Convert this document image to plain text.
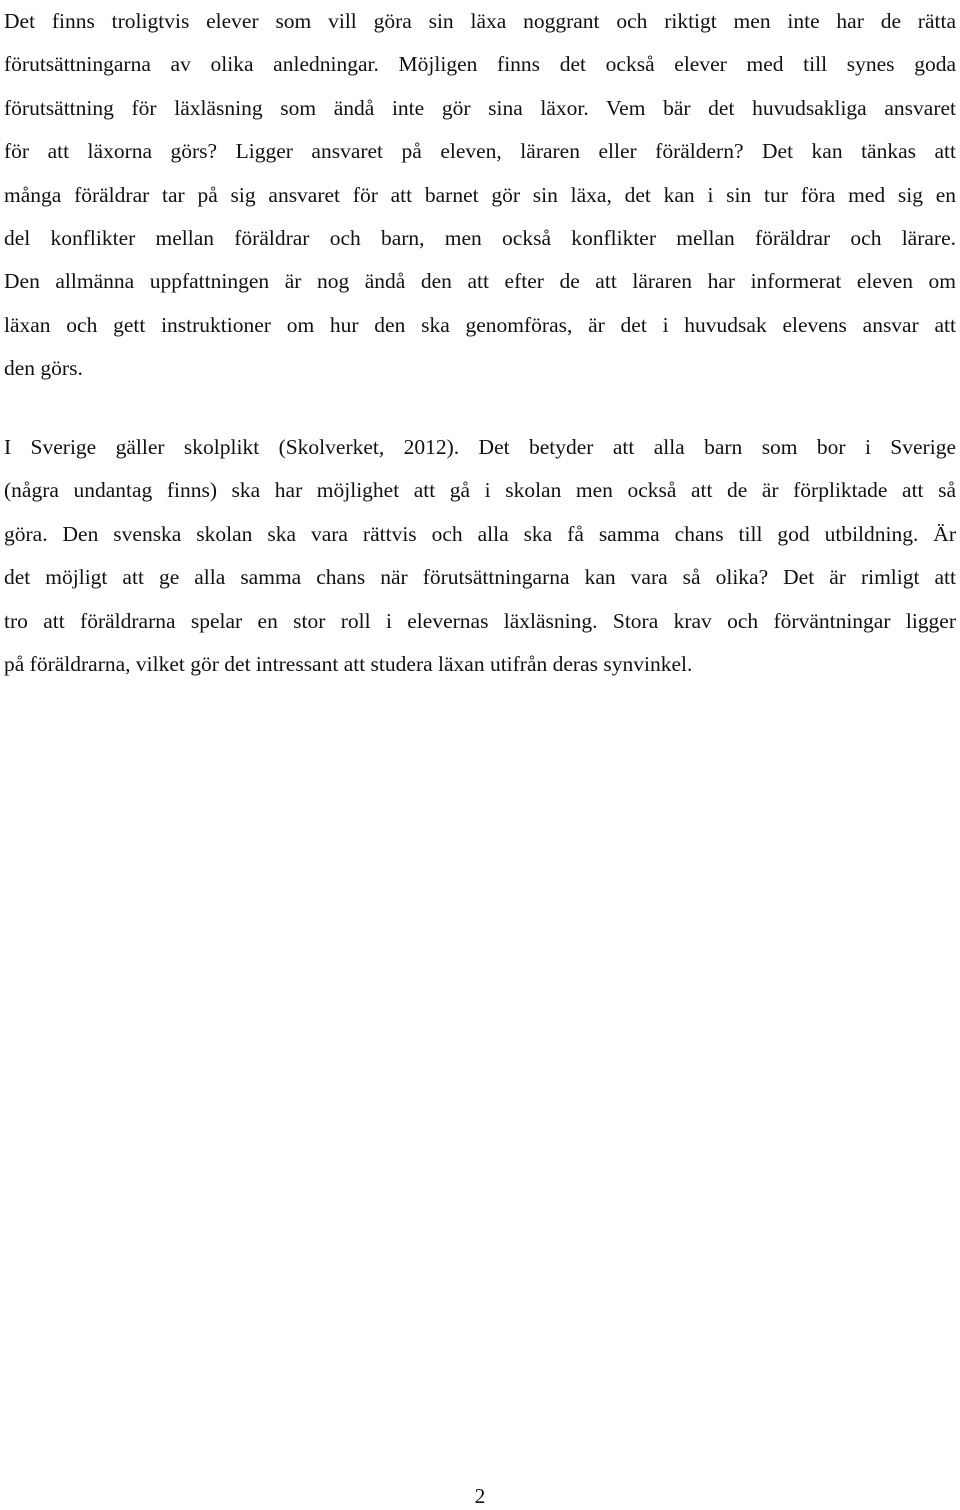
Det finns troligtvis elever som vill göra sin läxa noggrant och riktigt men inte har de rätta
förutsättningarna av olika anledningar. Möjligen finns det också elever med till synes goda
förutsättning för läxläsning som ändå inte gör sina läxor. Vem bär det huvudsakliga ansvaret
för att läxorna görs? Ligger ansvaret på eleven, läraren eller föräldern? Det kan tänkas att
många föräldrar tar på sig ansvaret för att barnet gör sin läxa, det kan i sin tur föra med sig en
del konflikter mellan föräldrar och barn, men också konflikter mellan föräldrar och lärare.
Den allmänna uppfattningen är nog ändå den att efter de att läraren har informerat eleven om
läxan och gett instruktioner om hur den ska genomföras, är det i huvudsak elevens ansvar att
den görs.
I Sverige gäller skolplikt (Skolverket, 2012). Det betyder att alla barn som bor i Sverige
(några undantag finns) ska har möjlighet att gå i skolan men också att de är förpliktade att så
göra. Den svenska skolan ska vara rättvis och alla ska få samma chans till god utbildning. Är
det möjligt att ge alla samma chans när förutsättningarna kan vara så olika? Det är rimligt att
tro att föräldrarna spelar en stor roll i elevernas läxläsning. Stora krav och förväntningar ligger
på föräldrarna, vilket gör det intressant att studera läxan utifrån deras synvinkel.
2
